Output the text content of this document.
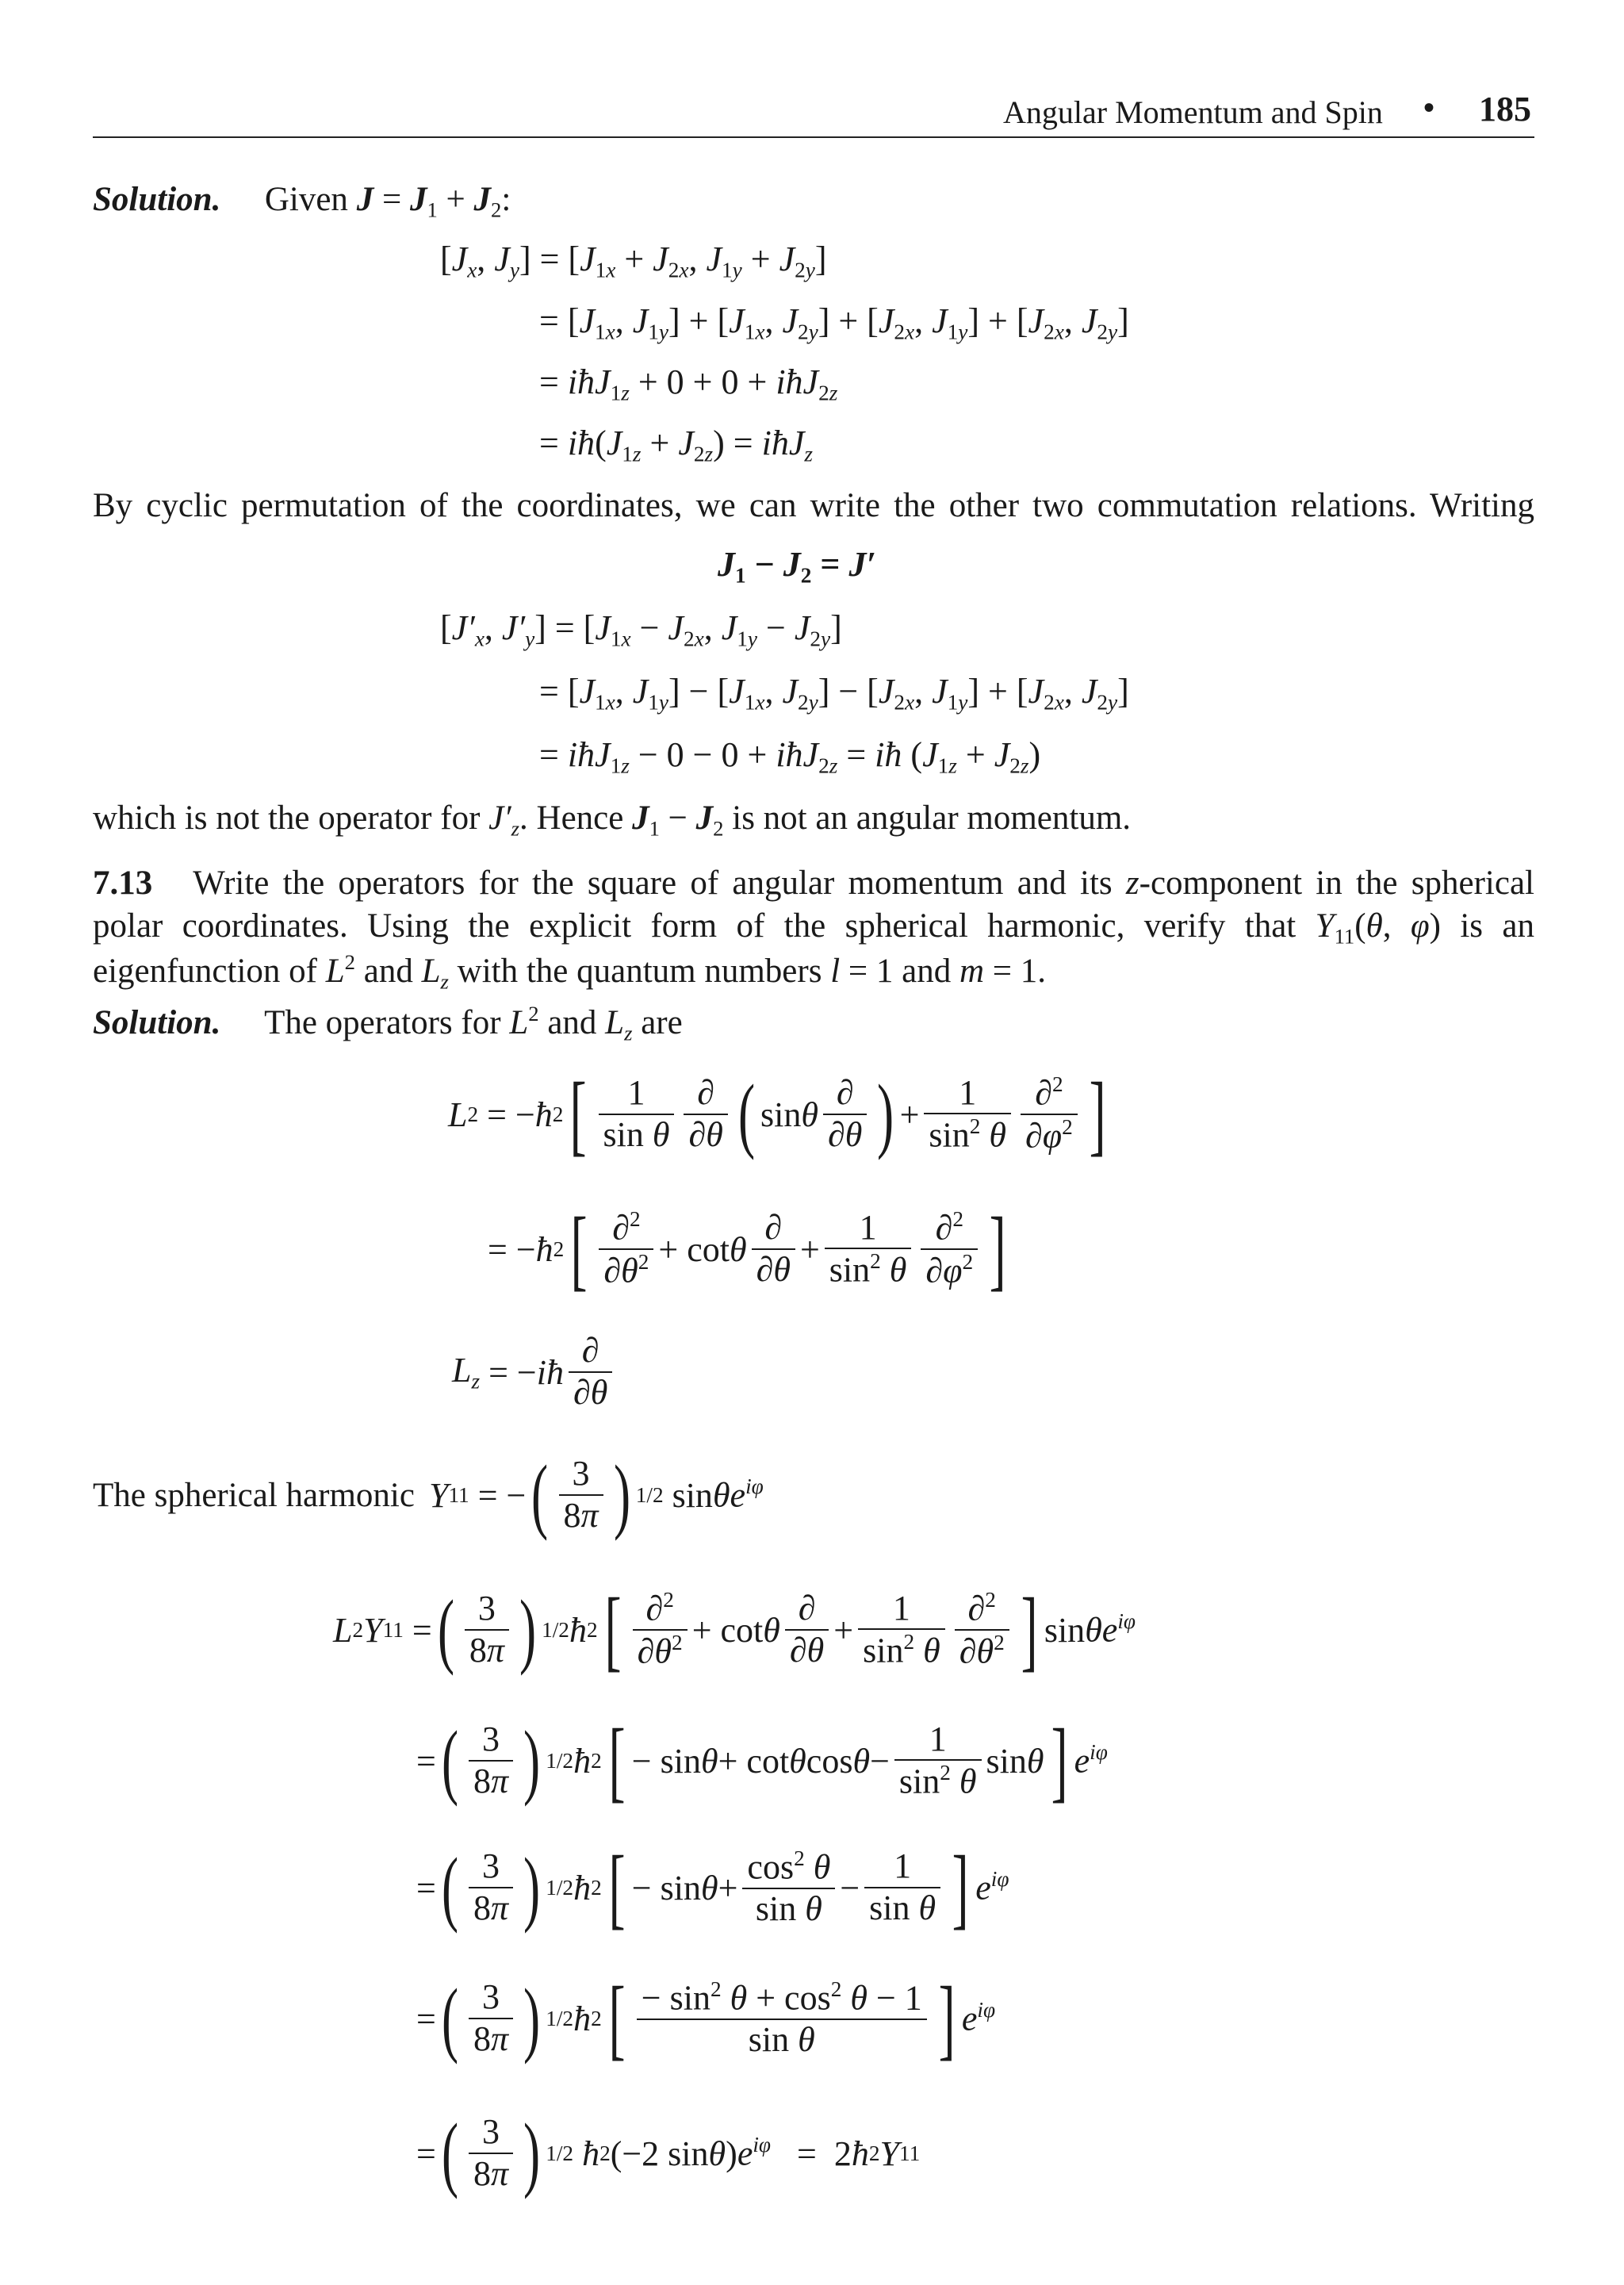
Angular Momentum and Spin • 185
Solution. Given $J = J_1 + J_2$:
[$J_x$, $J_y] = [J_{1x} + J_{2x}$, $J_{1y} + J_{2y}$]
= [$J_{1x}$, $J_{1y}] + [J_{1x}$, $J_{2y}] + [J_{2x}$, $J_{1y}] + [J_{2x}$, $J_{2y}$]
= iħJ$_{1z}$ + 0 + 0 + iħJ$_{2z}$
= $iħ(J_{1z} + J_{2z})$ = iħJ$_z$
By cyclic permutation of the coordinates, we can write the other two commutation relations. Writing
$J_1 - J_2 = J'$
[$J'_x$, $J'_y] = [J_{1x} - J_{2x}$, $J_{1y} - J_{2y}$]
= [$J_{1x}$, $J_{1y}] - [J_{1x}$, $J_{2y}] - [J_{2x}$, $J_{1y}] + [J_{2x}$, $J_{2y}$]
= iħJ$_{1z}$ − 0 − 0 + iħJ$_{2z}$ = iħ $(J_{1z} + J_{2z})$
which is not the operator for $J'_z$. Hence $J_1 - J_2$ is not an angular momentum.
7.13   Write the operators for the square of angular momentum and its z-component in the spherical
polar coordinates. Using the explicit form of the spherical harmonic, verify that $Y_{11}(\theta$, φ) is an
eigenfunction of $L^2$ and $L_z$ with the quantum numbers l = 1 and m = 1.
Solution.  The operators for $L^2$ and $L_z$ are
L 2 = − ħ 2 [ $\frac{1}{\text{sin θ}} \frac{\partial}{\partial\theta}$ ( sin θ $\frac{\partial}{\partial\theta}$ ) + $\frac{1}{\sin^2 \theta} \frac{\partial^2}{\partial\varphi^2}$ ]
= − ħ 2 [ $\frac{\partial^2}{\partial\theta^2} + \cot \theta \frac{\partial}{\partial\theta} + \frac{1}{\sin^2 \theta} \frac{\partial^2}{\partial\varphi^2}$ ]
$L_z$ = − iħ $\frac{\partial}{\partial\theta}$
The spherical harmonic Y 11 = − ( $\frac{3}{8\pi}$ ) 1/2 $\sin \theta e^{i\varphi}$
L 2 Y 11 = ( $\frac{3}{8\pi}$ ) 1/2 ħ 2 [ $\frac{\partial^2}{\partial\theta^2} + \cot \theta \frac{\partial}{\partial\theta} + \frac{1}{\sin^2 \theta} \frac{\partial^2}{\partial\theta^2}$ ] $\sin \theta e^{i\varphi}$
= ( $\frac{3}{8\pi}$ ) 1/2 ħ 2 [ − sin θ + cot θ $\cos \theta - \frac{1}{\sin^2 \theta}$ sin θ ] $e^{i\varphi}$
= ( $\frac{3}{8\pi}$ ) 1/2 ħ 2 [ − $\sin \theta + \frac{\cos^2 \theta}{\text{sin θ}} - \frac{1}{\text{sin θ}}$ ] $e^{i\varphi}$
= ( $\frac{3}{8\pi}$ ) 1/2 ħ 2 [ $\frac{- \sin^2 \theta + \cos^2 \theta - 1}{\text{sin θ}}$ ] $e^{i\varphi}$
= ( $\frac{3}{8\pi}$ ) 1/2
ħ 2 (−2 sin θ ) $e^{i\varphi} = 2$ ħ 2 Y 11
